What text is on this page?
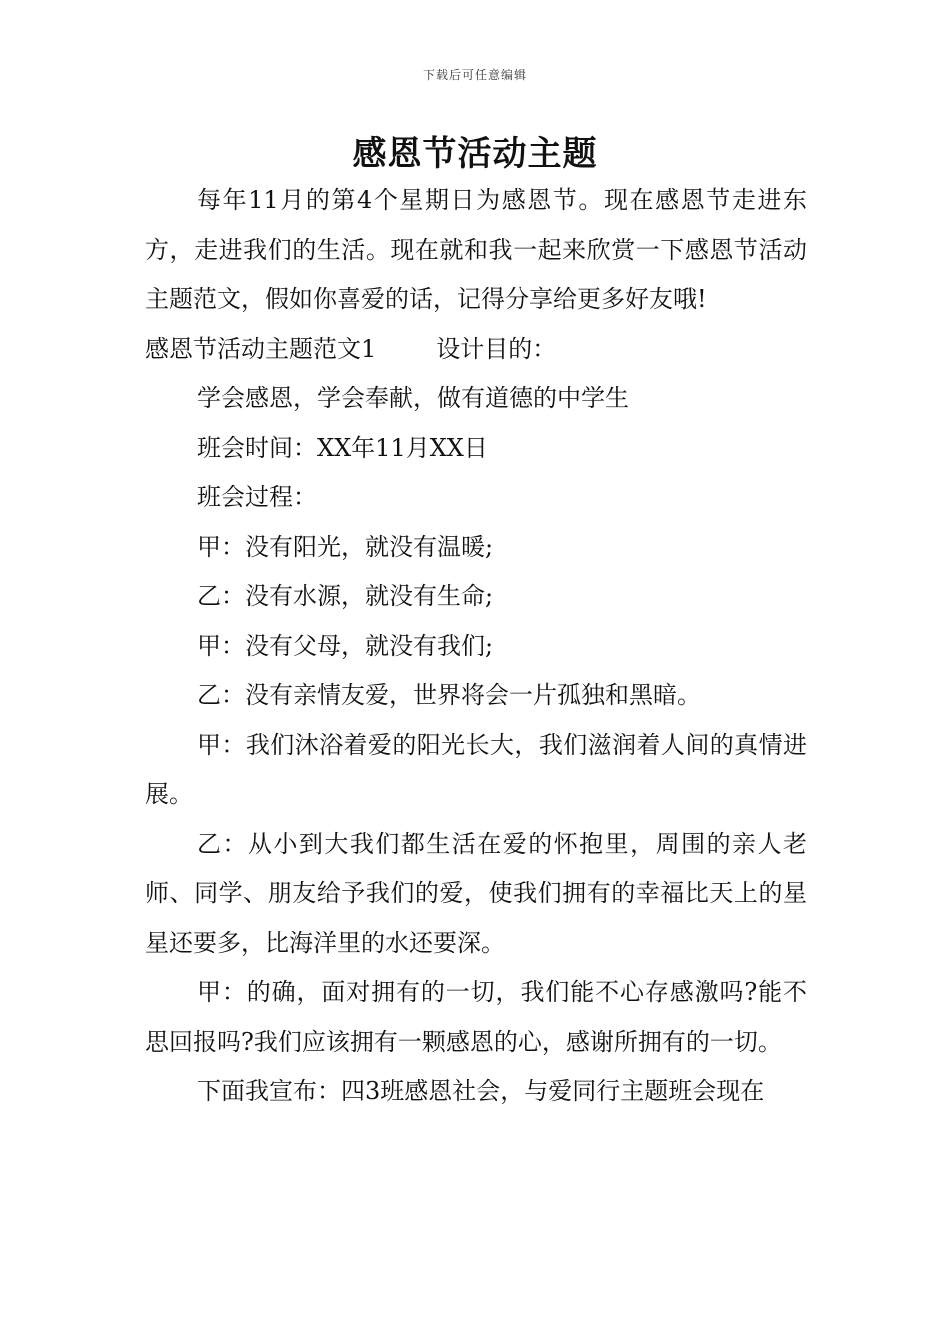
下载后可任意编辑
感恩节活动主题

每年11月的第4个星期日为感恩节。现在感恩节走进东方，走进我们的生活。现在就和我一起来欣赏一下感恩节活动主题范文，假如你喜爱的话，记得分享给更多好友哦!

感恩节活动主题范文1	设计目的：

学会感恩，学会奉献，做有道德的中学生

班会时间：XX年11月XX日

班会过程：

甲：没有阳光，就没有温暖;

乙：没有水源，就没有生命;

甲：没有父母，就没有我们;

乙：没有亲情友爱，世界将会一片孤独和黑暗。

甲：我们沐浴着爱的阳光长大，我们滋润着人间的真情进展。

乙：从小到大我们都生活在爱的怀抱里，周围的亲人老师、同学、朋友给予我们的爱，使我们拥有的幸福比天上的星星还要多，比海洋里的水还要深。

甲：的确，面对拥有的一切，我们能不心存感激吗?能不思回报吗?我们应该拥有一颗感恩的心，感谢所拥有的一切。

下面我宣布：四3班感恩社会，与爱同行主题班会现在
